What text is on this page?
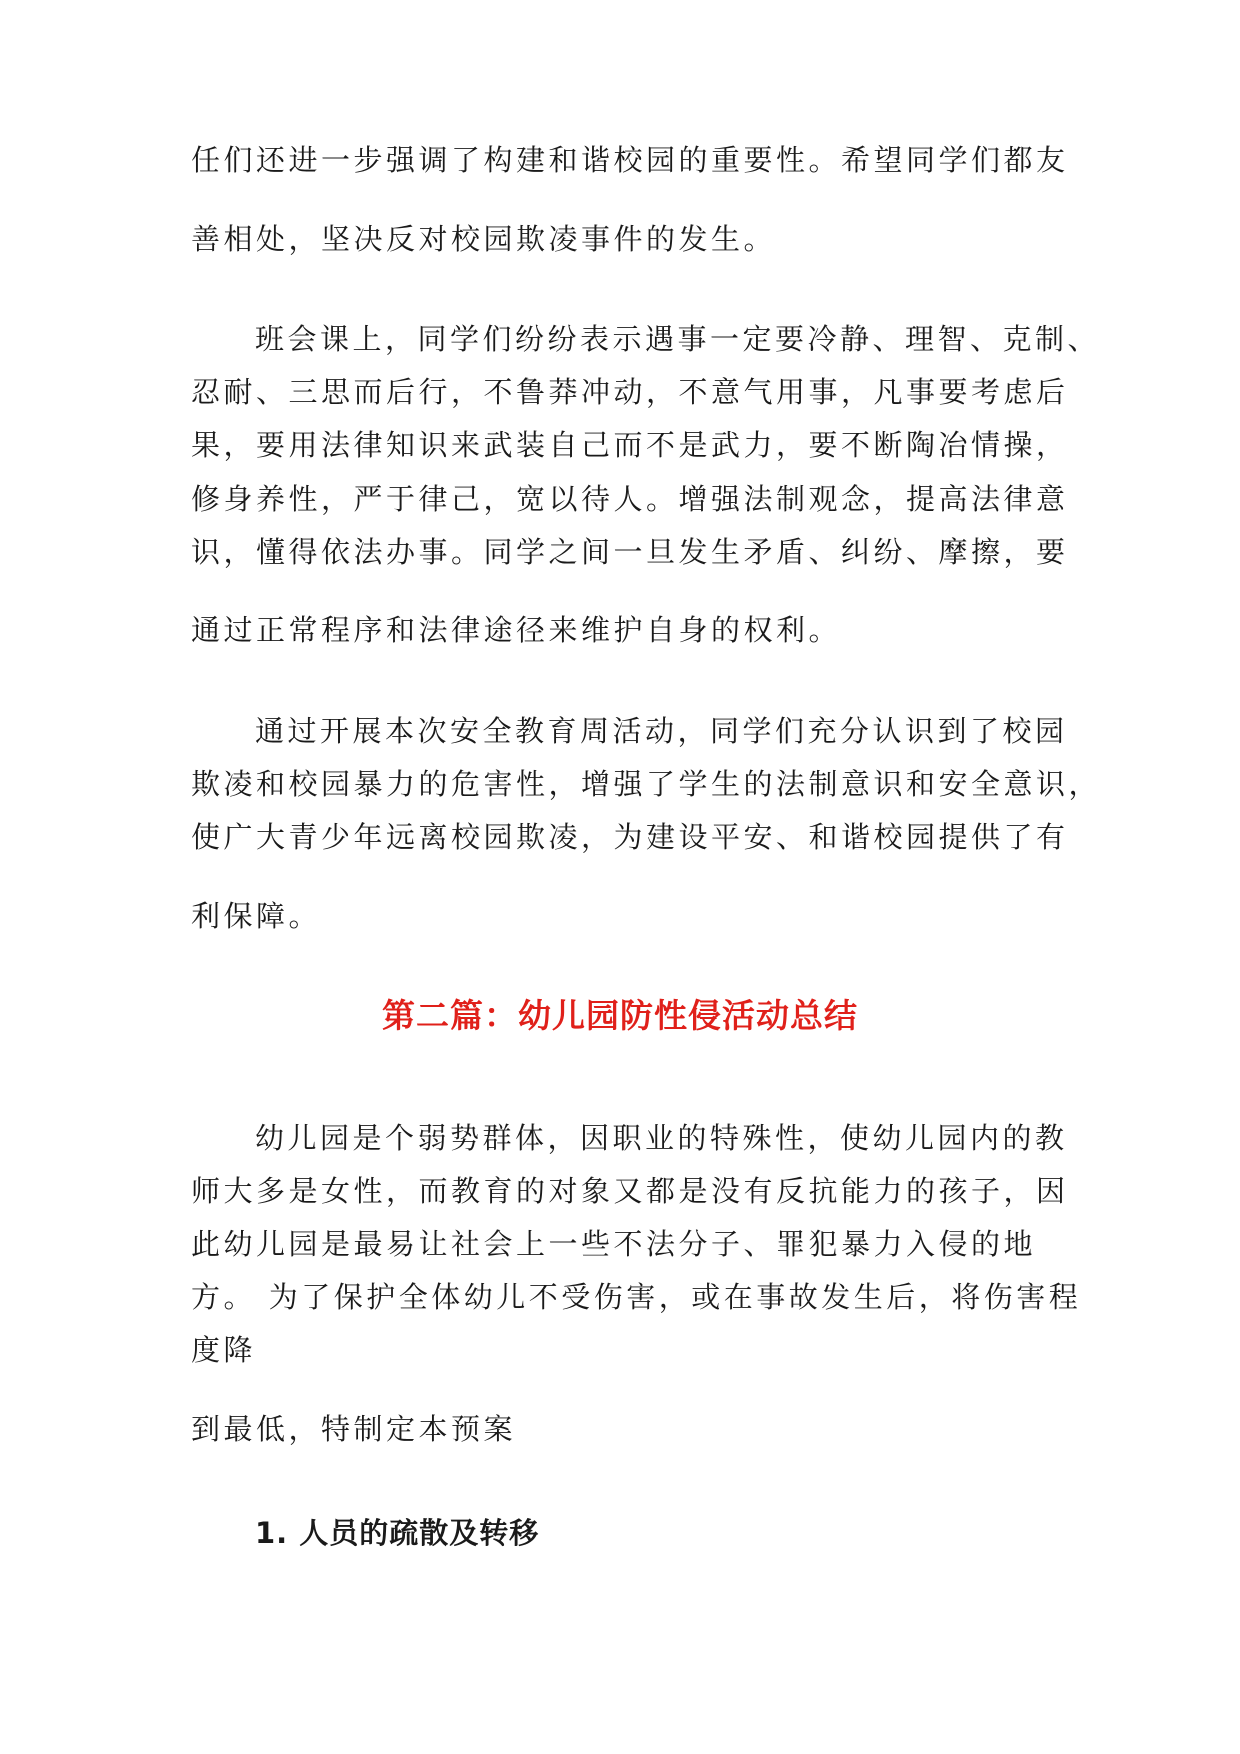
任们还进一步强调了构建和谐校园的重要性。希望同学们都友
善相处，坚决反对校园欺凌事件的发生。
班会课上，同学们纷纷表示遇事一定要冷静、理智、克制、
忍耐、三思而后行，不鲁莽冲动，不意气用事，凡事要考虑后
果，要用法律知识来武装自己而不是武力，要不断陶冶情操，
修身养性，严于律己，宽以待人。增强法制观念，提高法律意
识，懂得依法办事。同学之间一旦发生矛盾、纠纷、摩擦，要
通过正常程序和法律途径来维护自身的权利。
通过开展本次安全教育周活动，同学们充分认识到了校园
欺凌和校园暴力的危害性，增强了学生的法制意识和安全意识，
使广大青少年远离校园欺凌，为建设平安、和谐校园提供了有
利保障。
第二篇：幼儿园防性侵活动总结
幼儿园是个弱势群体，因职业的特殊性，使幼儿园内的教
师大多是女性，而教育的对象又都是没有反抗能力的孩子，因
此幼儿园是最易让社会上一些不法分子、罪犯暴力入侵的地
方。 为了保护全体幼儿不受伤害，或在事故发生后，将伤害程
度降
到最低，特制定本预案
1. 人员的疏散及转移
